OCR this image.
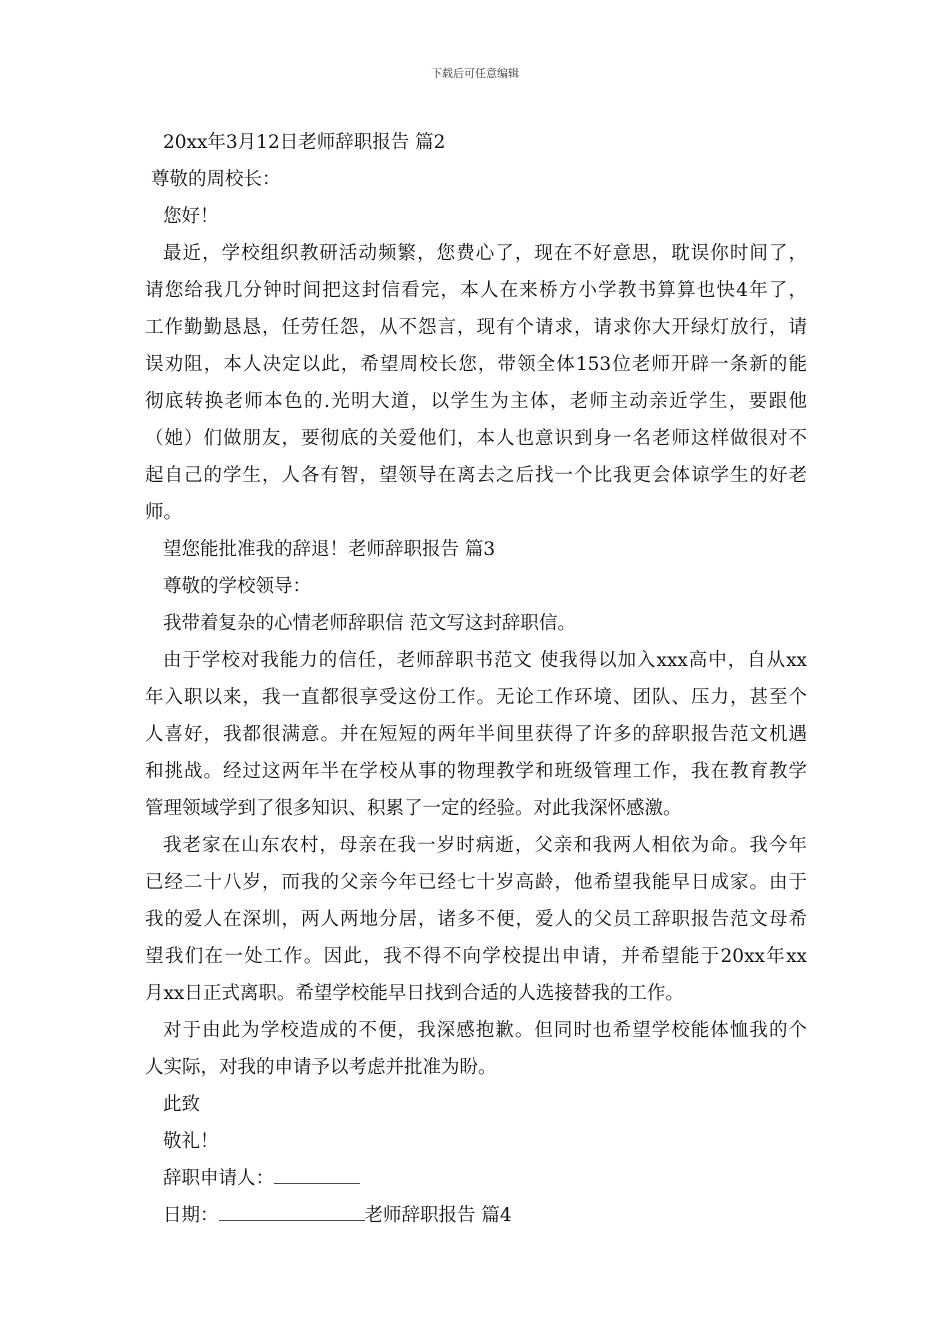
下载后可任意编辑
20xx年3月12日老师辞职报告 篇2
尊敬的周校长：
您好！
最近，学校组织教研活动频繁，您费心了，现在不好意思，耽误你时间了，
请您给我几分钟时间把这封信看完，本人在来桥方小学教书算算也快4年了，
工作勤勤恳恳，任劳任怨，从不怨言，现有个请求，请求你大开绿灯放行，请
误劝阻，本人决定以此，希望周校长您，带领全体153位老师开辟一条新的能
彻底转换老师本色的.光明大道，以学生为主体，老师主动亲近学生，要跟他
（她）们做朋友，要彻底的关爱他们，本人也意识到身一名老师这样做很对不
起自己的学生，人各有智，望领导在离去之后找一个比我更会体谅学生的好老
师。
望您能批准我的辞退！老师辞职报告 篇3
尊敬的学校领导：
我带着复杂的心情老师辞职信 范文写这封辞职信。
由于学校对我能力的信任，老师辞职书范文 使我得以加入xxx高中，自从xx
年入职以来，我一直都很享受这份工作。无论工作环境、团队、压力，甚至个
人喜好，我都很满意。并在短短的两年半间里获得了许多的辞职报告范文机遇
和挑战。经过这两年半在学校从事的物理教学和班级管理工作，我在教育教学
管理领域学到了很多知识、积累了一定的经验。对此我深怀感激。
我老家在山东农村，母亲在我一岁时病逝，父亲和我两人相依为命。我今年
已经二十八岁，而我的父亲今年已经七十岁高龄，他希望我能早日成家。由于
我的爱人在深圳，两人两地分居，诸多不便，爱人的父员工辞职报告范文母希
望我们在一处工作。因此，我不得不向学校提出申请，并希望能于20xx年xx
月xx日正式离职。希望学校能早日找到合适的人选接替我的工作。
对于由此为学校造成的不便，我深感抱歉。但同时也希望学校能体恤我的个
人实际，对我的申请予以考虑并批准为盼。
此致
敬礼！
辞职申请人：
日期：	老师辞职报告 篇4
